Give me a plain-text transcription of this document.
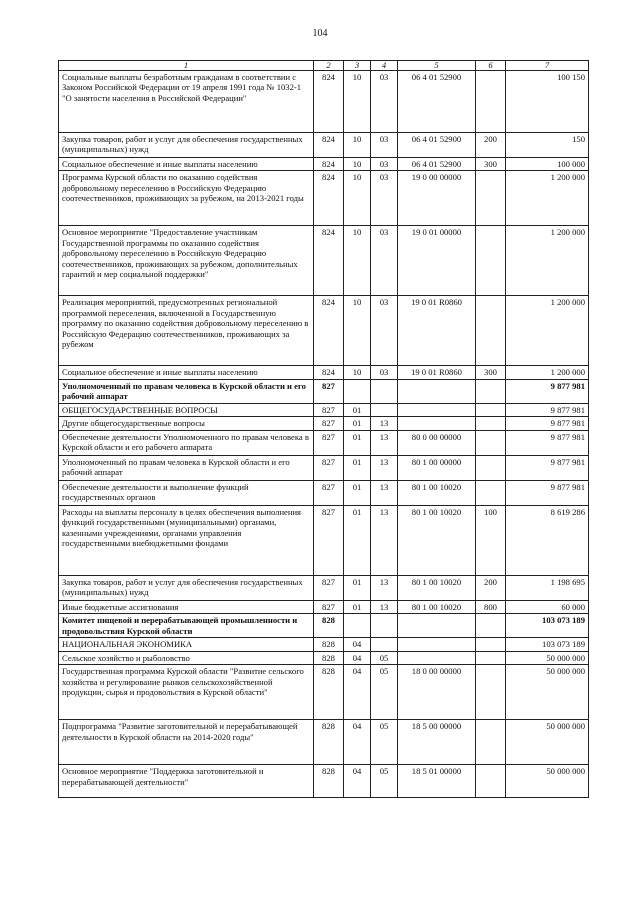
104
1	2	3	4	5	6	7
Социальные выплаты безработным гражданам в соответствии с Законом Российской Федерации от 19 апреля 1991 года № 1032-1 "О занятости населения в Российской Федерации"	824	10	03	06 4 01 52900		100 150
Закупка товаров, работ и услуг для обеспечения государственных (муниципальных) нужд	824	10	03	06 4 01 52900	200	150
Социальное обеспечение и иные выплаты населению	824	10	03	06 4 01 52900	300	100 000
Программа Курской области по оказанию содействия добровольному переселению в Российскую Федерацию соотечественников, проживающих за рубежом, на 2013-2021 годы	824	10	03	19 0 00 00000		1 200 000
Основное мероприятие "Предоставление участникам Государственной программы по оказанию содействия добровольному переселению в Российскую Федерацию соотечественников, проживающих за рубежом, дополнительных гарантий и мер социальной поддержки"	824	10	03	19 0 01 00000		1 200 000
Реализация мероприятий, предусмотренных региональной программой переселения, включенной в Государственную программу по оказанию содействия добровольному переселению в Российскую Федерацию соотечественников, проживающих за рубежом	824	10	03	19 0 01 R0860		1 200 000
Социальное обеспечение и иные выплаты населению	824	10	03	19 0 01 R0860	300	1 200 000
Уполномоченный по правам человека в Курской области и его рабочий аппарат	827					9 877 981
ОБЩЕГОСУДАРСТВЕННЫЕ ВОПРОСЫ	827	01				9 877 981
Другие общегосударственные вопросы	827	01	13			9 877 981
Обеспечение деятельности Уполномоченного по правам человека в Курской области и его рабочего аппарата	827	01	13	80 0 00 00000		9 877 981
Уполномоченный по правам человека в Курской области и его рабочий аппарат	827	01	13	80 1 00 00000		9 877 981
Обеспечение деятельности и выполнение функций государственных органов	827	01	13	80 1 00 10020		9 877 981
Расходы на выплаты персоналу в целях обеспечения выполнения функций государственными (муниципальными) органами, казенными учреждениями, органами управления государственными внебюджетными фондами	827	01	13	80 1 00 10020	100	8 619 286
Закупка товаров, работ и услуг для обеспечения государственных (муниципальных) нужд	827	01	13	80 1 00 10020	200	1 198 695
Иные бюджетные ассигнования	827	01	13	80 1 00 10020	800	60 000
Комитет пищевой и перерабатывающей промышленности и продовольствия Курской области	828					103 073 189
НАЦИОНАЛЬНАЯ ЭКОНОМИКА	828	04				103 073 189
Сельское хозяйство и рыболовство	828	04	05			50 000 000
Государственная программа Курской области "Развитие сельского хозяйства и регулирование рынков сельскохозяйственной продукции, сырья и продовольствия в Курской области"	828	04	05	18 0 00 00000		50 000 000
Подпрограмма "Развитие заготовительной и перерабатывающей деятельности в Курской области на 2014-2020 годы"	828	04	05	18 5 00 00000		50 000 000
Основное мероприятие "Поддержка заготовительной и перерабатывающей деятельности"	828	04	05	18 5 01 00000		50 000 000
